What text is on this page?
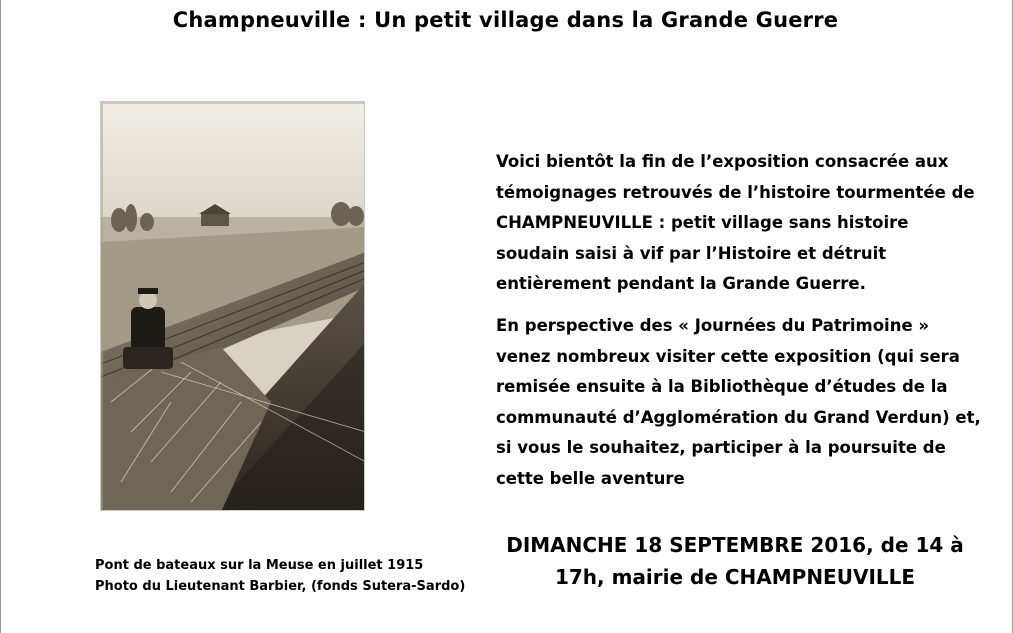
Champneuville : Un petit village dans la Grande Guerre
Pont de bateaux sur la Meuse en juillet 1915
Photo du Lieutenant Barbier, (fonds Sutera-Sardo)

Voici bientôt la fin de l’exposition consacrée aux
témoignages retrouvés de l’histoire tourmentée de
CHAMPNEUVILLE : petit village sans histoire
soudain saisi à vif par l’Histoire et détruit
entièrement pendant la Grande Guerre.

En perspective des « Journées du Patrimoine »
venez nombreux visiter cette exposition (qui sera
remisée ensuite à la Bibliothèque d’études de la
communauté d’Agglomération du Grand Verdun) et,
si vous le souhaitez, participer à la poursuite de
cette belle aventure

DIMANCHE 18 SEPTEMBRE 2016, de 14 à
17h, mairie de CHAMPNEUVILLE
